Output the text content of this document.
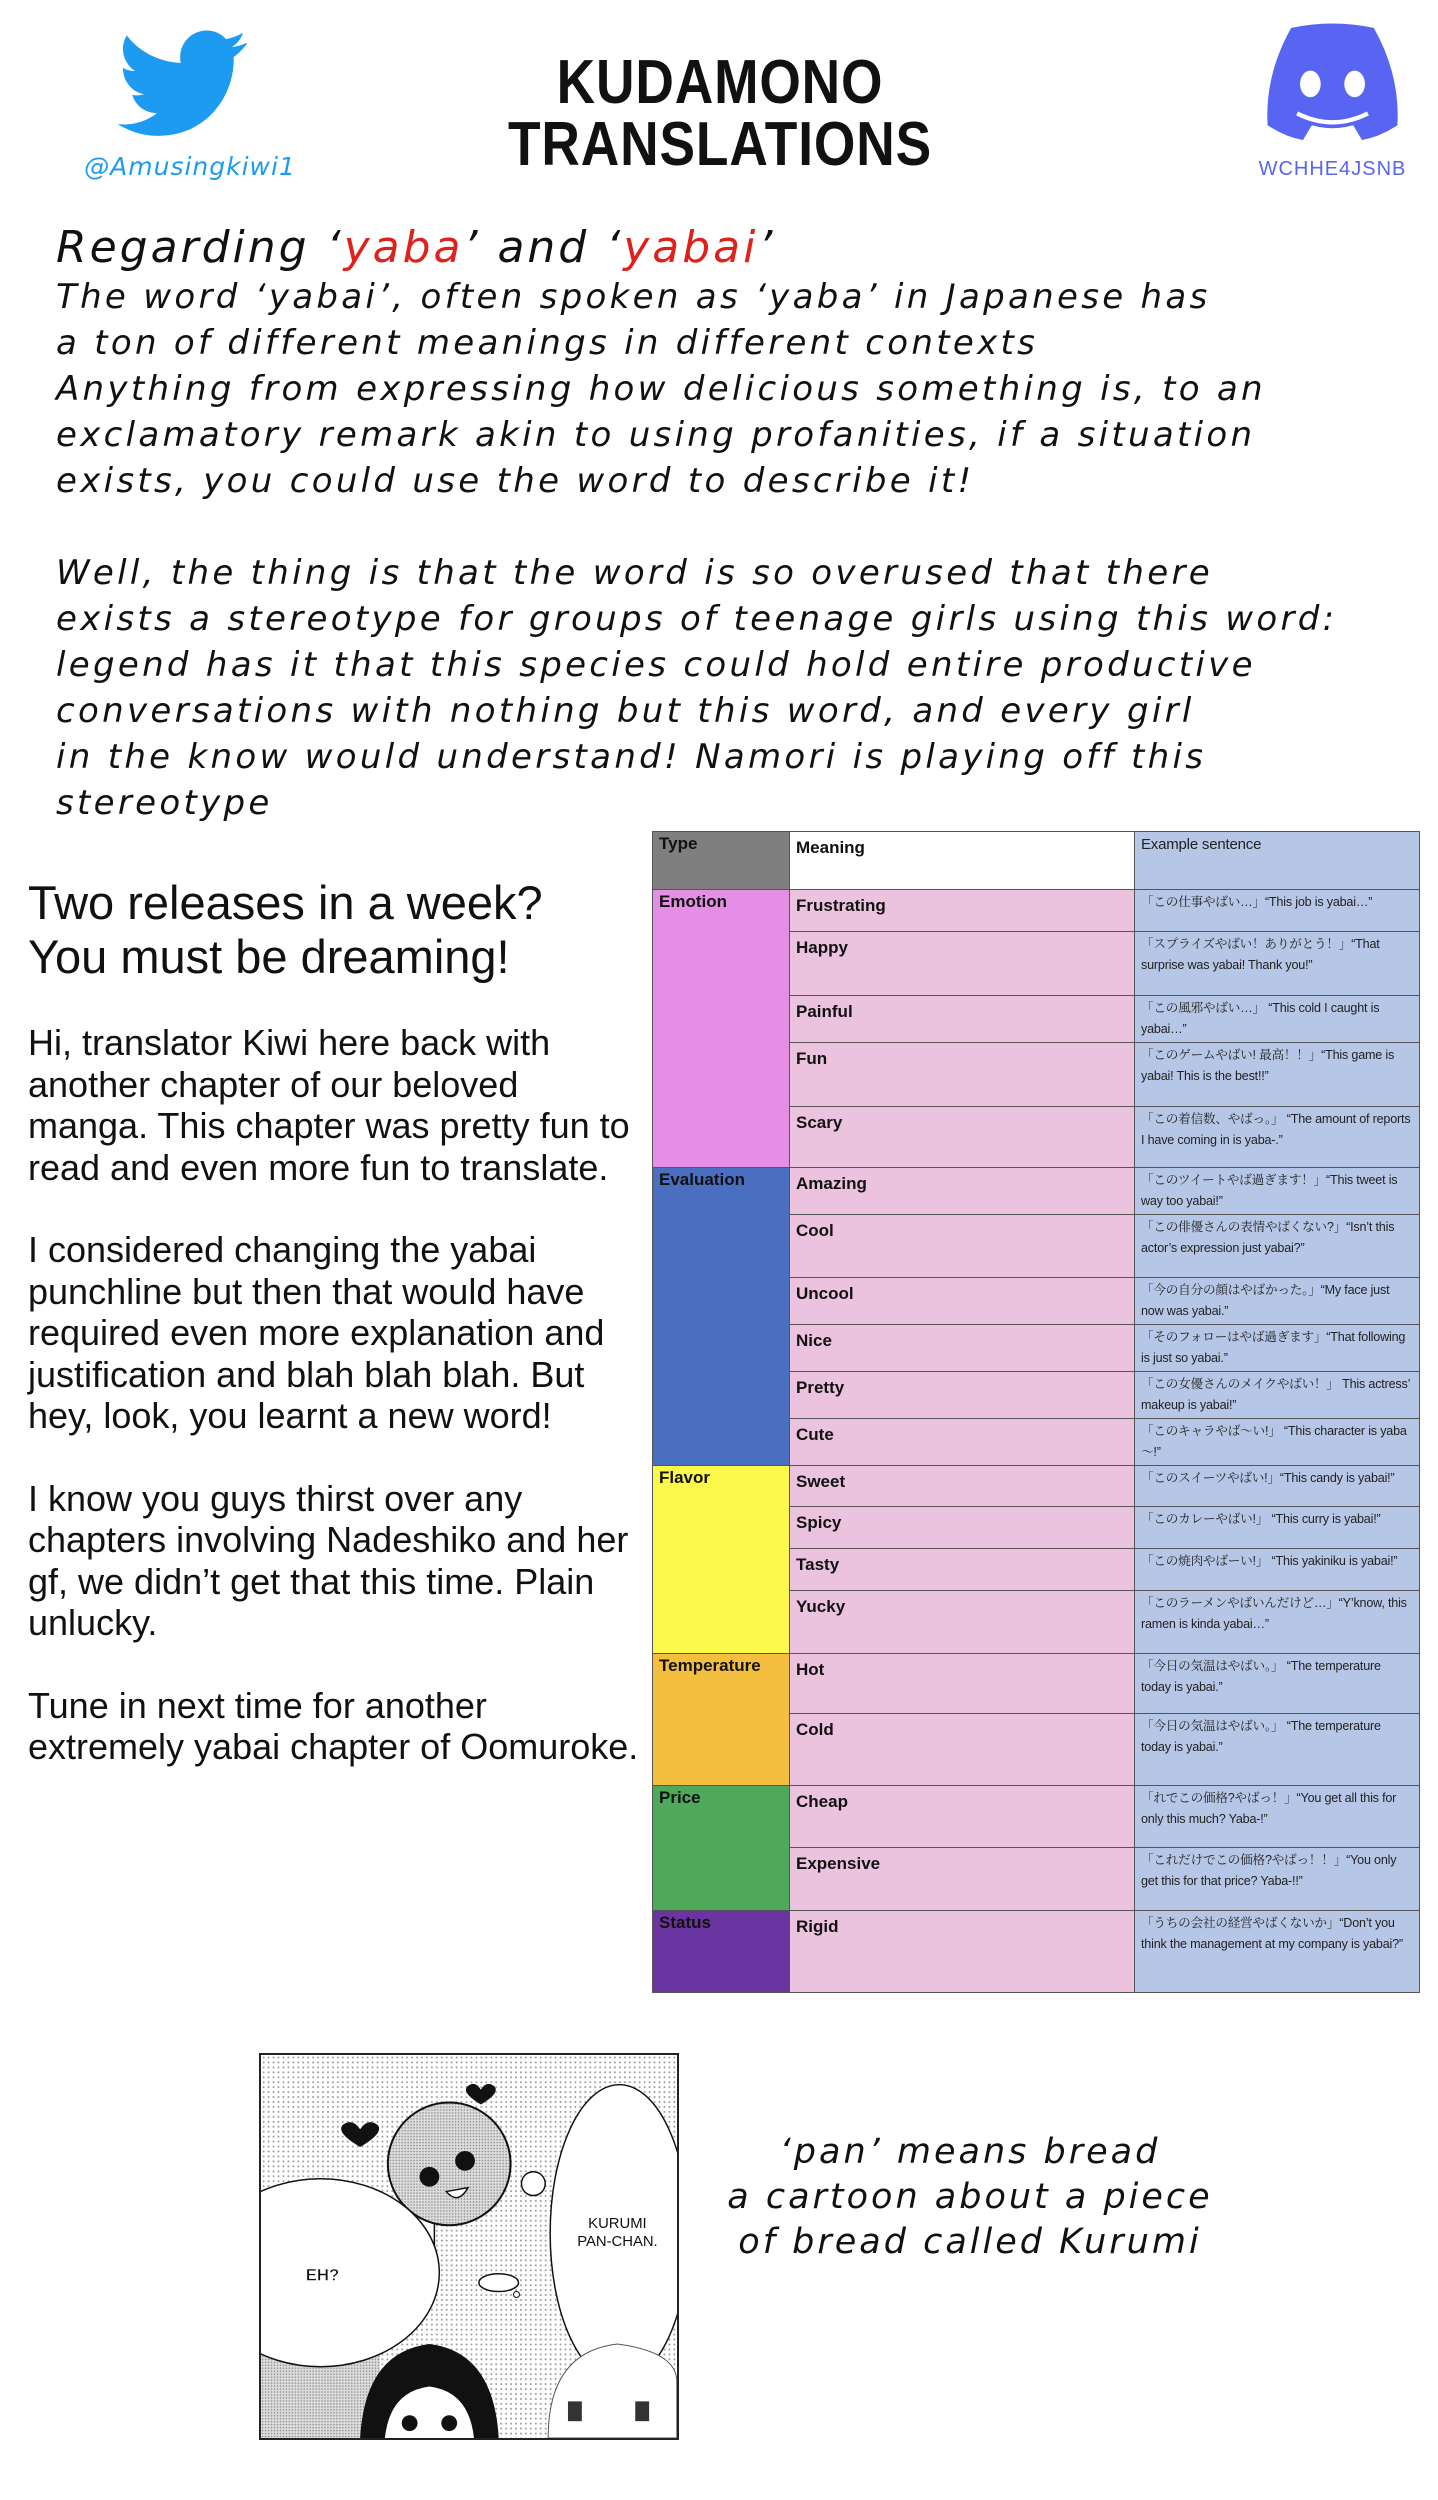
@Amusingkiwi1
KUDAMONO
TRANSLATIONS	WCHHE4JSNB
Regarding ‘yaba’ and ‘yabai’
The word ‘yabai’, often spoken as ‘yaba’ in Japanese has
a ton of different meanings in different contexts
Anything from expressing how delicious something is, to an
exclamatory remark akin to using profanities, if a situation
exists, you could use the word to describe it!
Well, the thing is that the word is so overused that there
exists a stereotype for groups of teenage girls using this word:
legend has it that this species could hold entire productive
conversations with nothing but this word, and every girl
in the know would understand! Namori is playing off this
stereotype
Two releases in a week?
You must be dreaming!

Hi, translator Kiwi here back with another chapter of our beloved manga. This chapter was pretty fun to read and even more fun to translate.

I considered changing the yabai punchline but then that would have required even more explanation and justification and blah blah blah. But hey, look, you learnt a new word!

I know you guys thirst over any chapters involving Nadeshiko and her gf, we didn’t get that this time. Plain unlucky.

Tune in next time for another extremely yabai chapter of Oomuroke.

Type	Meaning	Example sentence
Emotion	Frustrating	「この仕事やばい…」“This job is yabai…”
	Happy	「スプライズやばい！ありがとう！」“That surprise was yabai! Thank you!”
	Painful	「この風邪やばい…」 “This cold I caught is yabai…”
	Fun	「このゲームやばい! 最高！！」“This game is yabai! This is the best!!”
	Scary	「この着信数、やばっ。」 “The amount of reports I have coming in is yaba-.”
Evaluation	Amazing	「このツイートやば過ぎます！」“This tweet is way too yabai!”
	Cool	「この俳優さんの表情やばくない?」“Isn’t this actor’s expression just yabai?”
	Uncool	「今の自分の顔はやばかった。」“My face just now was yabai.”
	Nice	「そのフォローはやば過ぎます」“That following is just so yabai.”
	Pretty	「この女優さんのメイクやばい！」 This actress’ makeup is yabai!”
	Cute	「このキャラやば～い!」 “This character is yaba～!”
Flavor	Sweet	「このスイーツやばい!」“This candy is yabai!”
	Spicy	「このカレーやばい!」 “This curry is yabai!”
	Tasty	「この焼肉やばーい!」 “This yakiniku is yabai!”
	Yucky	「このラーメンやばいんだけど…」“Y’know, this ramen is kinda yabai…”
Temperature	Hot	「今日の気温はやばい。」 “The temperature today is yabai.”
	Cold	「今日の気温はやばい。」 “The temperature today is yabai.”
Price	Cheap	「れでこの価格?やばっ！」“You get all this for only this much? Yaba-!”
	Expensive	「これだけでこの価格?やばっ！！」“You only get this for that price? Yaba-!!”
Status	Rigid	「うちの会社の経営やばくないか」“Don’t you think the management at my company is yabai?”
EH?
KURUMI
PAN-CHAN.
‘pan’ means bread
a cartoon about a piece
of bread called Kurumi
